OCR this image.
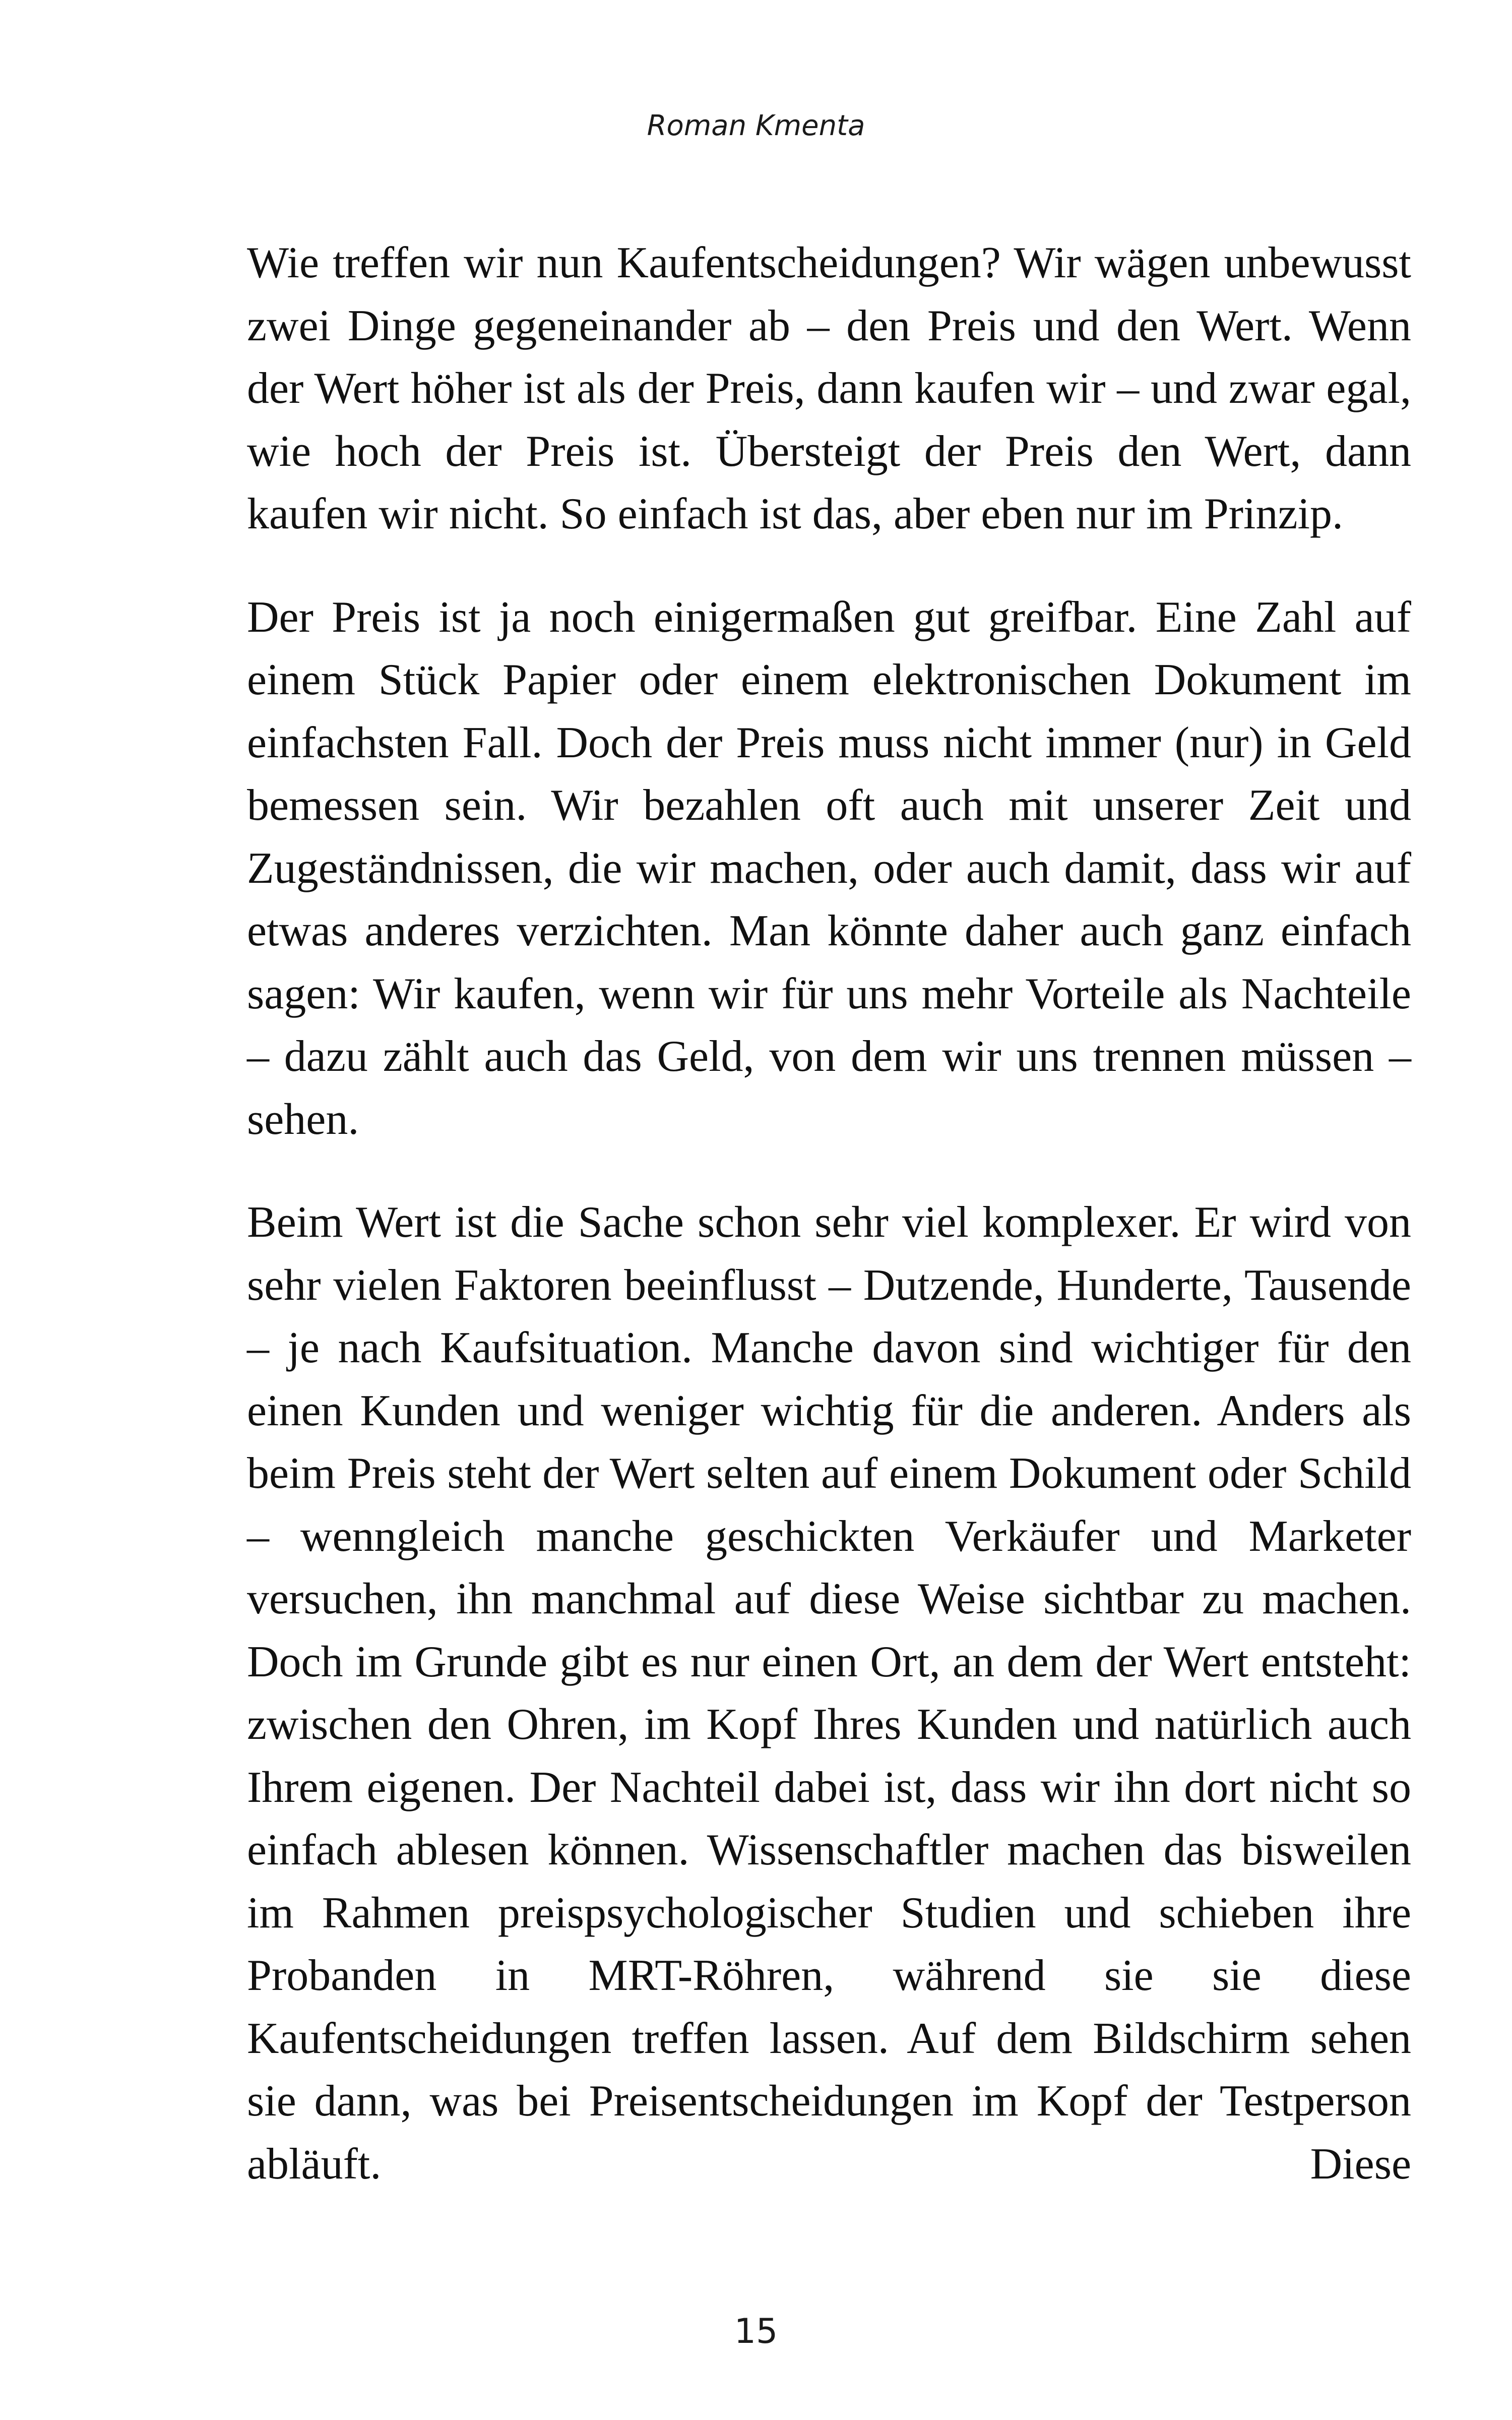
Roman Kmenta

Wie treffen wir nun Kaufentscheidungen? Wir wägen unbewusst zwei Dinge gegeneinander ab – den Preis und den Wert. Wenn der Wert höher ist als der Preis, dann kaufen wir – und zwar egal, wie hoch der Preis ist. Übersteigt der Preis den Wert, dann kaufen wir nicht. So einfach ist das, aber eben nur im Prinzip.

Der Preis ist ja noch einigermaßen gut greifbar. Eine Zahl auf einem Stück Papier oder einem elektronischen Dokument im einfachsten Fall. Doch der Preis muss nicht immer (nur) in Geld bemessen sein. Wir bezahlen oft auch mit unserer Zeit und Zugeständnissen, die wir machen, oder auch damit, dass wir auf etwas anderes verzichten. Man könnte daher auch ganz einfach sagen: Wir kaufen, wenn wir für uns mehr Vorteile als Nachteile – dazu zählt auch das Geld, von dem wir uns trennen müssen – sehen.

Beim Wert ist die Sache schon sehr viel komplexer. Er wird von sehr vielen Faktoren beeinflusst – Dutzende, Hunderte, Tausende – je nach Kaufsituation. Manche davon sind wichtiger für den einen Kunden und weniger wichtig für die anderen. Anders als beim Preis steht der Wert selten auf einem Dokument oder Schild – wenngleich manche geschickten Verkäufer und Marketer versuchen, ihn manchmal auf diese Weise sichtbar zu machen. Doch im Grunde gibt es nur einen Ort, an dem der Wert entsteht: zwischen den Ohren, im Kopf Ihres Kunden und natürlich auch Ihrem eigenen. Der Nachteil dabei ist, dass wir ihn dort nicht so einfach ablesen können. Wissenschaftler machen das bisweilen im Rahmen preispsychologischer Studien und schieben ihre Probanden in MRT-Röhren, während sie sie diese Kaufentscheidungen treffen lassen. Auf dem Bildschirm sehen sie dann, was bei Preisentscheidungen im Kopf der Testperson abläuft. Diese

15
